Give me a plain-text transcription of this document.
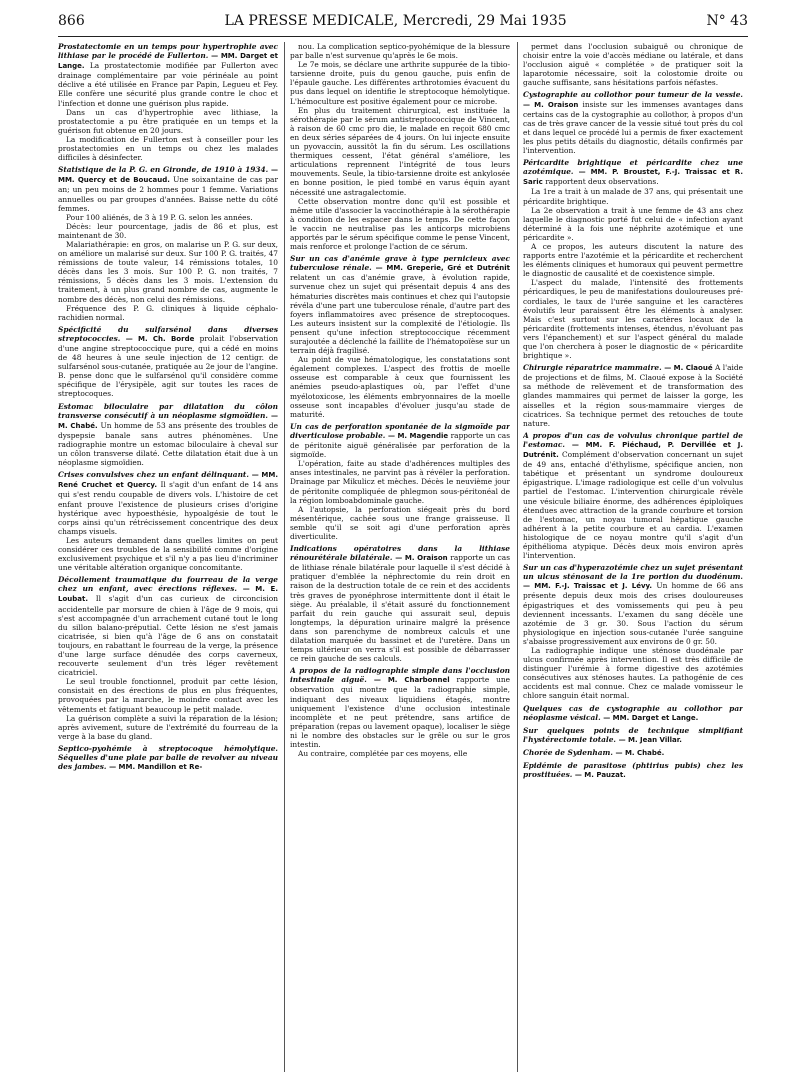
866	LA PRESSE MEDICALE, Mercredi, 29 Mai 1935	N° 43

Prostatectomie en un temps pour hypertrophie avec lithiase par le procédé de Fullerton. — MM. Darget et Lange. La prostatectomie modifiée par Fullerton avec drainage complémentaire par voie périnéale au point déclive a été utilisée en France par Papin, Legueu et Fey. Elle confère une sécurité plus grande contre le choc et l'infection et donne une guérison plus rapide.

Dans un cas d'hypertrophie avec lithiase, la prostatectomie a pu être pratiquée en un temps et la guérison fut obtenue en 20 jours.

La modification de Fullerton est à conseiller pour les prostatectomies en un temps ou chez les malades difficiles à désinfecter.

Statistique de la P. G. en Gironde, de 1910 à 1934. — MM. Quercy et de Boucaud. Une soixantaine de cas par an; un peu moins de 2 hommes pour 1 femme. Variations annuelles ou par groupes d'années. Baisse nette du côté femmes.

Pour 100 aliénés, de 3 à 19 P. G. selon les années.

Décès: leur pourcentage, jadis de 86 et plus, est maintenant de 30.

Malariathérapie: en gros, on malarise un P. G. sur deux, on améliore un malarisé sur deux. Sur 100 P. G. traités, 47 rémissions de toute valeur, 14 rémissions totales, 10 décès dans les 3 mois. Sur 100 P. G. non traités, 7 rémissions, 5 décès dans les 3 mois. L'extension du traitement, à un plus grand nombre de cas, augmente le nombre des décès, non celui des rémissions.

Fréquence des P. G. cliniques à liquide céphalo-rachidien normal.

Spécificité du sulfarsénol dans diverses streptococcies. — M. Ch. Borde prolait l'observation d'une angine streptococcique pure, qui a cédé en moins de 48 heures à une seule injection de 12 centigr. de sulfarsénol sous-cutanée, pratiquée au 2e jour de l'angine. B. pense donc que le sulfarsénol qu'il considère comme spécifique de l'érysipèle, agit sur toutes les races de streptocoques.

Estomac biloculaire par dilatation du côlon transverse consécutif à un néoplasme sigmoïdien. — M. Chabé. Un homme de 53 ans présente des troubles de dyspepsie banale sans autres phénomènes. Une radiographie montre un estomac biloculaire à cheval sur un côlon transverse dilaté. Cette dilatation était due à un néoplasme sigmoïdien.

Crises convulsives chez un enfant délinquant. — MM. René Cruchet et Quercy. Il s'agit d'un enfant de 14 ans qui s'est rendu coupable de divers vols. L'histoire de cet enfant prouve l'existence de plusieurs crises d'origine hystérique avec hypoesthésie, hypoalgésie de tout le corps ainsi qu'un rétrécissement concentrique des deux champs visuels.

Les auteurs demandent dans quelles limites on peut considérer ces troubles de la sensibilité comme d'origine exclusivement psychique et s'il n'y a pas lieu d'incriminer une véritable altération organique concomitante.

Décollement traumatique du fourreau de la verge chez un enfant, avec érections réflexes. — M. E. Loubat. Il s'agit d'un cas curieux de circoncision accidentelle par morsure de chien à l'âge de 9 mois, qui s'est accompagnée d'un arrachement cutané tout le long du sillon balano-préputial. Cette lésion ne s'est jamais cicatrisée, si bien qu'à l'âge de 6 ans on constatait toujours, en rabattant le fourreau de la verge, la présence d'une large surface dénudée des corps caverneux, recouverte seulement d'un très léger revêtement cicatriciel.

Le seul trouble fonctionnel, produit par cette lésion, consistait en des érections de plus en plus fréquentes, provoquées par la marche, le moindre contact avec les vêtements et fatiguant beaucoup le petit malade.

La guérison complète a suivi la réparation de la lésion; après avivement, suture de l'extrémité du fourreau de la verge à la base du gland.

Septico-pyohémie à streptocoque hémolytique. Séquelles d'une plaie par balle de revolver au niveau des jambes. — MM. Mandillon et Re-

nou. La complication septico-pyohémique de la blessure par balle n'est survenue qu'après le 6e mois.

Le 7e mois, se déclare une arthrite suppurée de la tibio-tarsienne droite, puis du genou gauche, puis enfin de l'épaule gauche. Les différentes arthrotomies évacuent du pus dans lequel on identifie le streptocoque hémolytique. L'hémoculture est positive également pour ce microbe.

En plus du traitement chirurgical, est instituée la sérothérapie par le sérum antistreptococcique de Vincent, à raison de 60 cmc pro die, le malade en reçoit 680 cmc en deux séries séparées de 4 jours. On lui injecte ensuite un pyovaccin, aussitôt la fin du sérum. Les oscillations thermiques cessent, l'état général s'améliore, les articulations reprennent l'intégrité de tous leurs mouvements. Seule, la tibio-tarsienne droite est ankylosée en bonne position, le pied tombé en varus équin ayant nécessité une astragalectomie.

Cette observation montre donc qu'il est possible et même utile d'associer la vaccinothérapie à la sérothérapie à condition de les espacer dans le temps. De cette façon le vaccin ne neutralise pas les anticorps microbiens apportés par le sérum spécifique comme le pense Vincent, mais renforce et prolonge l'action de ce sérum.

Sur un cas d'anémie grave à type pernicieux avec tuberculose rénale. — MM. Greperie, Gré et Dutrénit relatent un cas d'anémie grave, à évolution rapide, survenue chez un sujet qui présentait depuis 4 ans des hématuries discrètes mais continues et chez qui l'autopsie révéla d'une part une tuberculose rénale, d'autre part des foyers inflammatoires avec présence de streptocoques. Les auteurs insistent sur la complexité de l'étiologie. Ils pensent qu'une infection streptococcique récemment surajoutée a déclenché la faillite de l'hématopoïèse sur un terrain déjà fragilisé.

Au point de vue hématologique, les constatations sont également complexes. L'aspect des frottis de moelle osseuse est comparable à ceux que fournissent les anémies pseudo-aplastiques où, par l'effet d'une myélotoxicose, les éléments embryonnaires de la moelle osseuse sont incapables d'évoluer jusqu'au stade de maturité.

Un cas de perforation spontanée de la sigmoïde par diverticulose probable. — M. Magendie rapporte un cas de péritonite aiguë généralisée par perforation de la sigmoïde.

L'opération, faite au stade d'adhérences multiples des anses intestinales, ne parvint pas à révéler la perforation. Drainage par Mikulicz et mèches. Décès le neuvième jour de péritonite compliquée de phlegmon sous-péritonéal de la région lomboabdominale gauche.

A l'autopsie, la perforation siégeait près du bord mésentérique, cachée sous une frange graisseuse. Il semble qu'il se soit agi d'une perforation après diverticulite.

Indications opératoires dans la lithiase rénourétérale bilatérale. — M. Oraison rapporte un cas de lithiase rénale bilatérale pour laquelle il s'est décidé à pratiquer d'emblée la néphrectomie du rein droit en raison de la destruction totale de ce rein et des accidents très graves de pyonéphrose intermittente dont il était le siège. Au préalable, il s'était assuré du fonctionnement parfait du rein gauche qui assurait seul, depuis longtemps, la dépuration urinaire malgré la présence dans son parenchyme de nombreux calculs et une dilatation marquée du bassinet et de l'uretère. Dans un temps ultérieur on verra s'il est possible de débarrasser ce rein gauche de ses calculs.

A propos de la radiographie simple dans l'occlusion intestinale aiguë. — M. Charbonnel rapporte une observation qui montre que la radiographie simple, indiquant des niveaux liquidiens étagés, montre uniquement l'existence d'une occlusion intestinale incomplète et ne peut prétendre, sans artifice de préparation (repas ou lavement opaque), localiser le siège ni le nombre des obstacles sur le grêle ou sur le gros intestin.

Au contraire, complétée par ces moyens, elle

permet dans l'occlusion subaiguë ou chronique de choisir entre la voie d'accès médiane ou latérale, et dans l'occlusion aiguë « complétée » de pratiquer soit la laparotomie nécessaire, soit la colostomie droite ou gauche suffisante, sans hésitations parfois néfastes.

Cystographie au collothor pour tumeur de la vessie. — M. Oraison insiste sur les immenses avantages dans certains cas de la cystographie au collothor, à propos d'un cas de très grave cancer de la vessie situé tout près du col et dans lequel ce procédé lui a permis de fixer exactement les plus petits détails du diagnostic, détails confirmés par l'intervention.

Péricardite brightique et péricardite chez une azotémique. — MM. P. Broustet, F.-J. Traissac et R. Saric rapportent deux observations.

La 1re a trait à un malade de 37 ans, qui présentait une péricardite brightique.

La 2e observation a trait à une femme de 43 ans chez laquelle le diagnostic porté fut celui de « infection ayant déterminé à la fois une néphrite azotémique et une péricardite ».

A ce propos, les auteurs discutent la nature des rapports entre l'azotémie et la péricardite et recherchent les éléments cliniques et humoraux qui peuvent permettre le diagnostic de causalité et de coexistence simple.

L'aspect du malade, l'intensité des frottements péricardiques, le peu de manifestations douloureuses pré-cordiales, le taux de l'urée sanguine et les caractères évolutifs leur paraissent être les éléments à analyser. Mais c'est surtout sur les caractères locaux de la péricardite (frottements intenses, étendus, n'évoluant pas vers l'épanchement) et sur l'aspect général du malade que l'on cherchera à poser le diagnostic de « péricardite brightique ».

Chirurgie réparatrice mammaire. — M. Claoué A l'aide de projections et de films, M. Claoué expose à la Société sa méthode de relèvement et de transformation des glandes mammaires qui permet de laisser la gorge, les aisselles et la région sous-mammaire vierges de cicatrices. Sa technique permet des retouches de toute nature.

A propos d'un cas de volvulus chronique partiel de l'estomac. — MM. F. Piéchaud, P. Dervillée et J. Dutrénit. Complément d'observation concernant un sujet de 49 ans, entaché d'éthylisme, spécifique ancien, non tabétique et présentant un syndrome douloureux épigastrique. L'image radiologique est celle d'un volvulus partiel de l'estomac. L'intervention chirurgicale révèle une vésicule biliaire énorme, des adhérences épiploïques étendues avec attraction de la grande courbure et torsion de l'estomac, un noyau tumoral hépatique gauche adhérent à la petite courbure et au cardia. L'examen histologique de ce noyau montre qu'il s'agit d'un épithélioma atypique. Décès deux mois environ après l'intervention.

Sur un cas d'hyperazotémie chez un sujet présentant un ulcus sténosant de la 1re portion du duodénum. — MM. F.-J. Traissac et J. Lévy. Un homme de 66 ans présente depuis deux mois des crises douloureuses épigastriques et des vomissements qui peu à peu deviennent incessants. L'examen du sang décèle une azotémie de 3 gr. 30. Sous l'action du sérum physiologique en injection sous-cutanée l'urée sanguine s'abaisse progressivement aux environs de 0 gr. 50.

La radiographie indique une sténose duodénale par ulcus confirmée après intervention. Il est très difficile de distinguer l'urémie à forme digestive des azotémies consécutives aux sténoses hautes. La pathogénie de ces accidents est mal connue. Chez ce malade vomisseur le chlore sanguin était normal.

Quelques cas de cystographie au collothor par néoplasme vésical. — MM. Darget et Lange.

Sur quelques points de technique simplifiant l'hystérectomie totale. — M. Jean Villar.

Chorée de Sydenham. — M. Chabé.

Epidémie de parasitose (phtirius pubis) chez les prostituées. — M. Pauzat.
